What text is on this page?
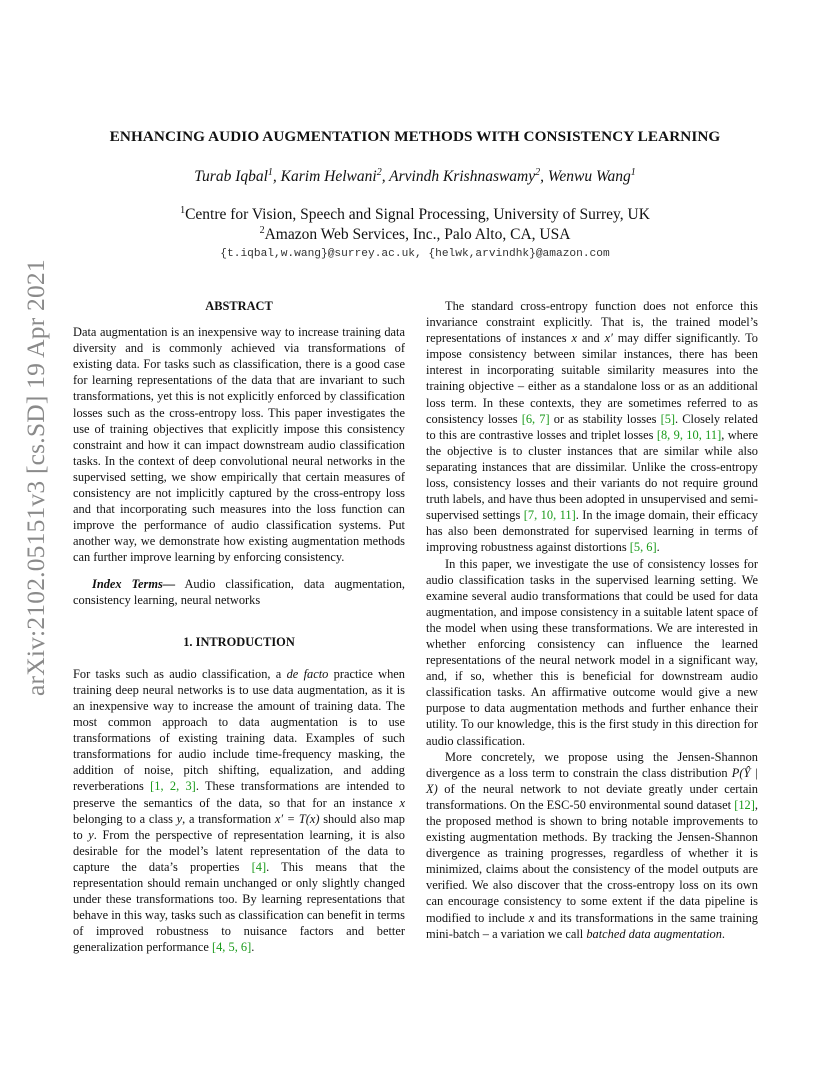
arXiv:2102.05151v3 [cs.SD] 19 Apr 2021
ENHANCING AUDIO AUGMENTATION METHODS WITH CONSISTENCY LEARNING
Turab Iqbal$^1$, Karim Helwani$^2$, Arvindh Krishnaswamy$^2$, Wenwu Wang$^1$
$^1$Centre for Vision, Speech and Signal Processing, University of Surrey, UK
$^2$Amazon Web Services, Inc., Palo Alto, CA, USA
{t.iqbal,w.wang}@surrey.ac.uk, {helwk,arvindhk}@amazon.com
ABSTRACT

Data augmentation is an inexpensive way to increase training data diversity and is commonly achieved via transformations of existing data. For tasks such as classification, there is a good case for learning representations of the data that are invariant to such transformations, yet this is not explicitly enforced by classification losses such as the cross-entropy loss. This paper investigates the use of training objectives that explicitly impose this consistency constraint and how it can impact downstream audio classification tasks. In the context of deep convolutional neural networks in the supervised setting, we show empirically that certain measures of consistency are not implicitly captured by the cross-entropy loss and that incorporating such measures into the loss function can improve the performance of audio classification systems. Put another way, we demonstrate how existing augmentation methods can further improve learning by enforcing consistency.

Index Terms— Audio classification, data augmentation, consistency learning, neural networks

1. INTRODUCTION

For tasks such as audio classification, a de facto practice when training deep neural networks is to use data augmentation, as it is an inexpensive way to increase the amount of training data. The most common approach to data augmentation is to use transformations of existing training data. Examples of such transformations for audio include time-frequency masking, the addition of noise, pitch shifting, equalization, and adding reverberations [1, 2, 3]. These transformations are intended to preserve the semantics of the data, so that for an instance x belonging to a class y, a transformation x′ = T(x) should also map to y. From the perspective of representation learning, it is also desirable for the model’s latent representation of the data to capture the data’s properties [4]. This means that the representation should remain unchanged or only slightly changed under these transformations too. By learning representations that behave in this way, tasks such as classification can benefit in terms of improved robustness to nuisance factors and better generalization performance [4, 5, 6].

The standard cross-entropy function does not enforce this invariance constraint explicitly. That is, the trained model’s representations of instances x and x′ may differ significantly. To impose consistency between similar instances, there has been interest in incorporating suitable similarity measures into the training objective – either as a standalone loss or as an additional loss term. In these contexts, they are sometimes referred to as consistency losses [6, 7] or as stability losses [5]. Closely related to this are contrastive losses and triplet losses [8, 9, 10, 11], where the objective is to cluster instances that are similar while also separating instances that are dissimilar. Unlike the cross-entropy loss, consistency losses and their variants do not require ground truth labels, and have thus been adopted in unsupervised and semi-supervised settings [7, 10, 11]. In the image domain, their efficacy has also been demonstrated for supervised learning in terms of improving robustness against distortions [5, 6].

In this paper, we investigate the use of consistency losses for audio classification tasks in the supervised learning setting. We examine several audio transformations that could be used for data augmentation, and impose consistency in a suitable latent space of the model when using these transformations. We are interested in whether enforcing consistency can influence the learned representations of the neural network model in a significant way, and, if so, whether this is beneficial for downstream audio classification tasks. An affirmative outcome would give a new purpose to data augmentation methods and further enhance their utility. To our knowledge, this is the first study in this direction for audio classification.

More concretely, we propose using the Jensen-Shannon divergence as a loss term to constrain the class distribution P(Ŷ | X) of the neural network to not deviate greatly under certain transformations. On the ESC-50 environmental sound dataset [12], the proposed method is shown to bring notable improvements to existing augmentation methods. By tracking the Jensen-Shannon divergence as training progresses, regardless of whether it is minimized, claims about the consistency of the model outputs are verified. We also discover that the cross-entropy loss on its own can encourage consistency to some extent if the data pipeline is modified to include x and its transformations in the same training mini-batch – a variation we call batched data augmentation.
